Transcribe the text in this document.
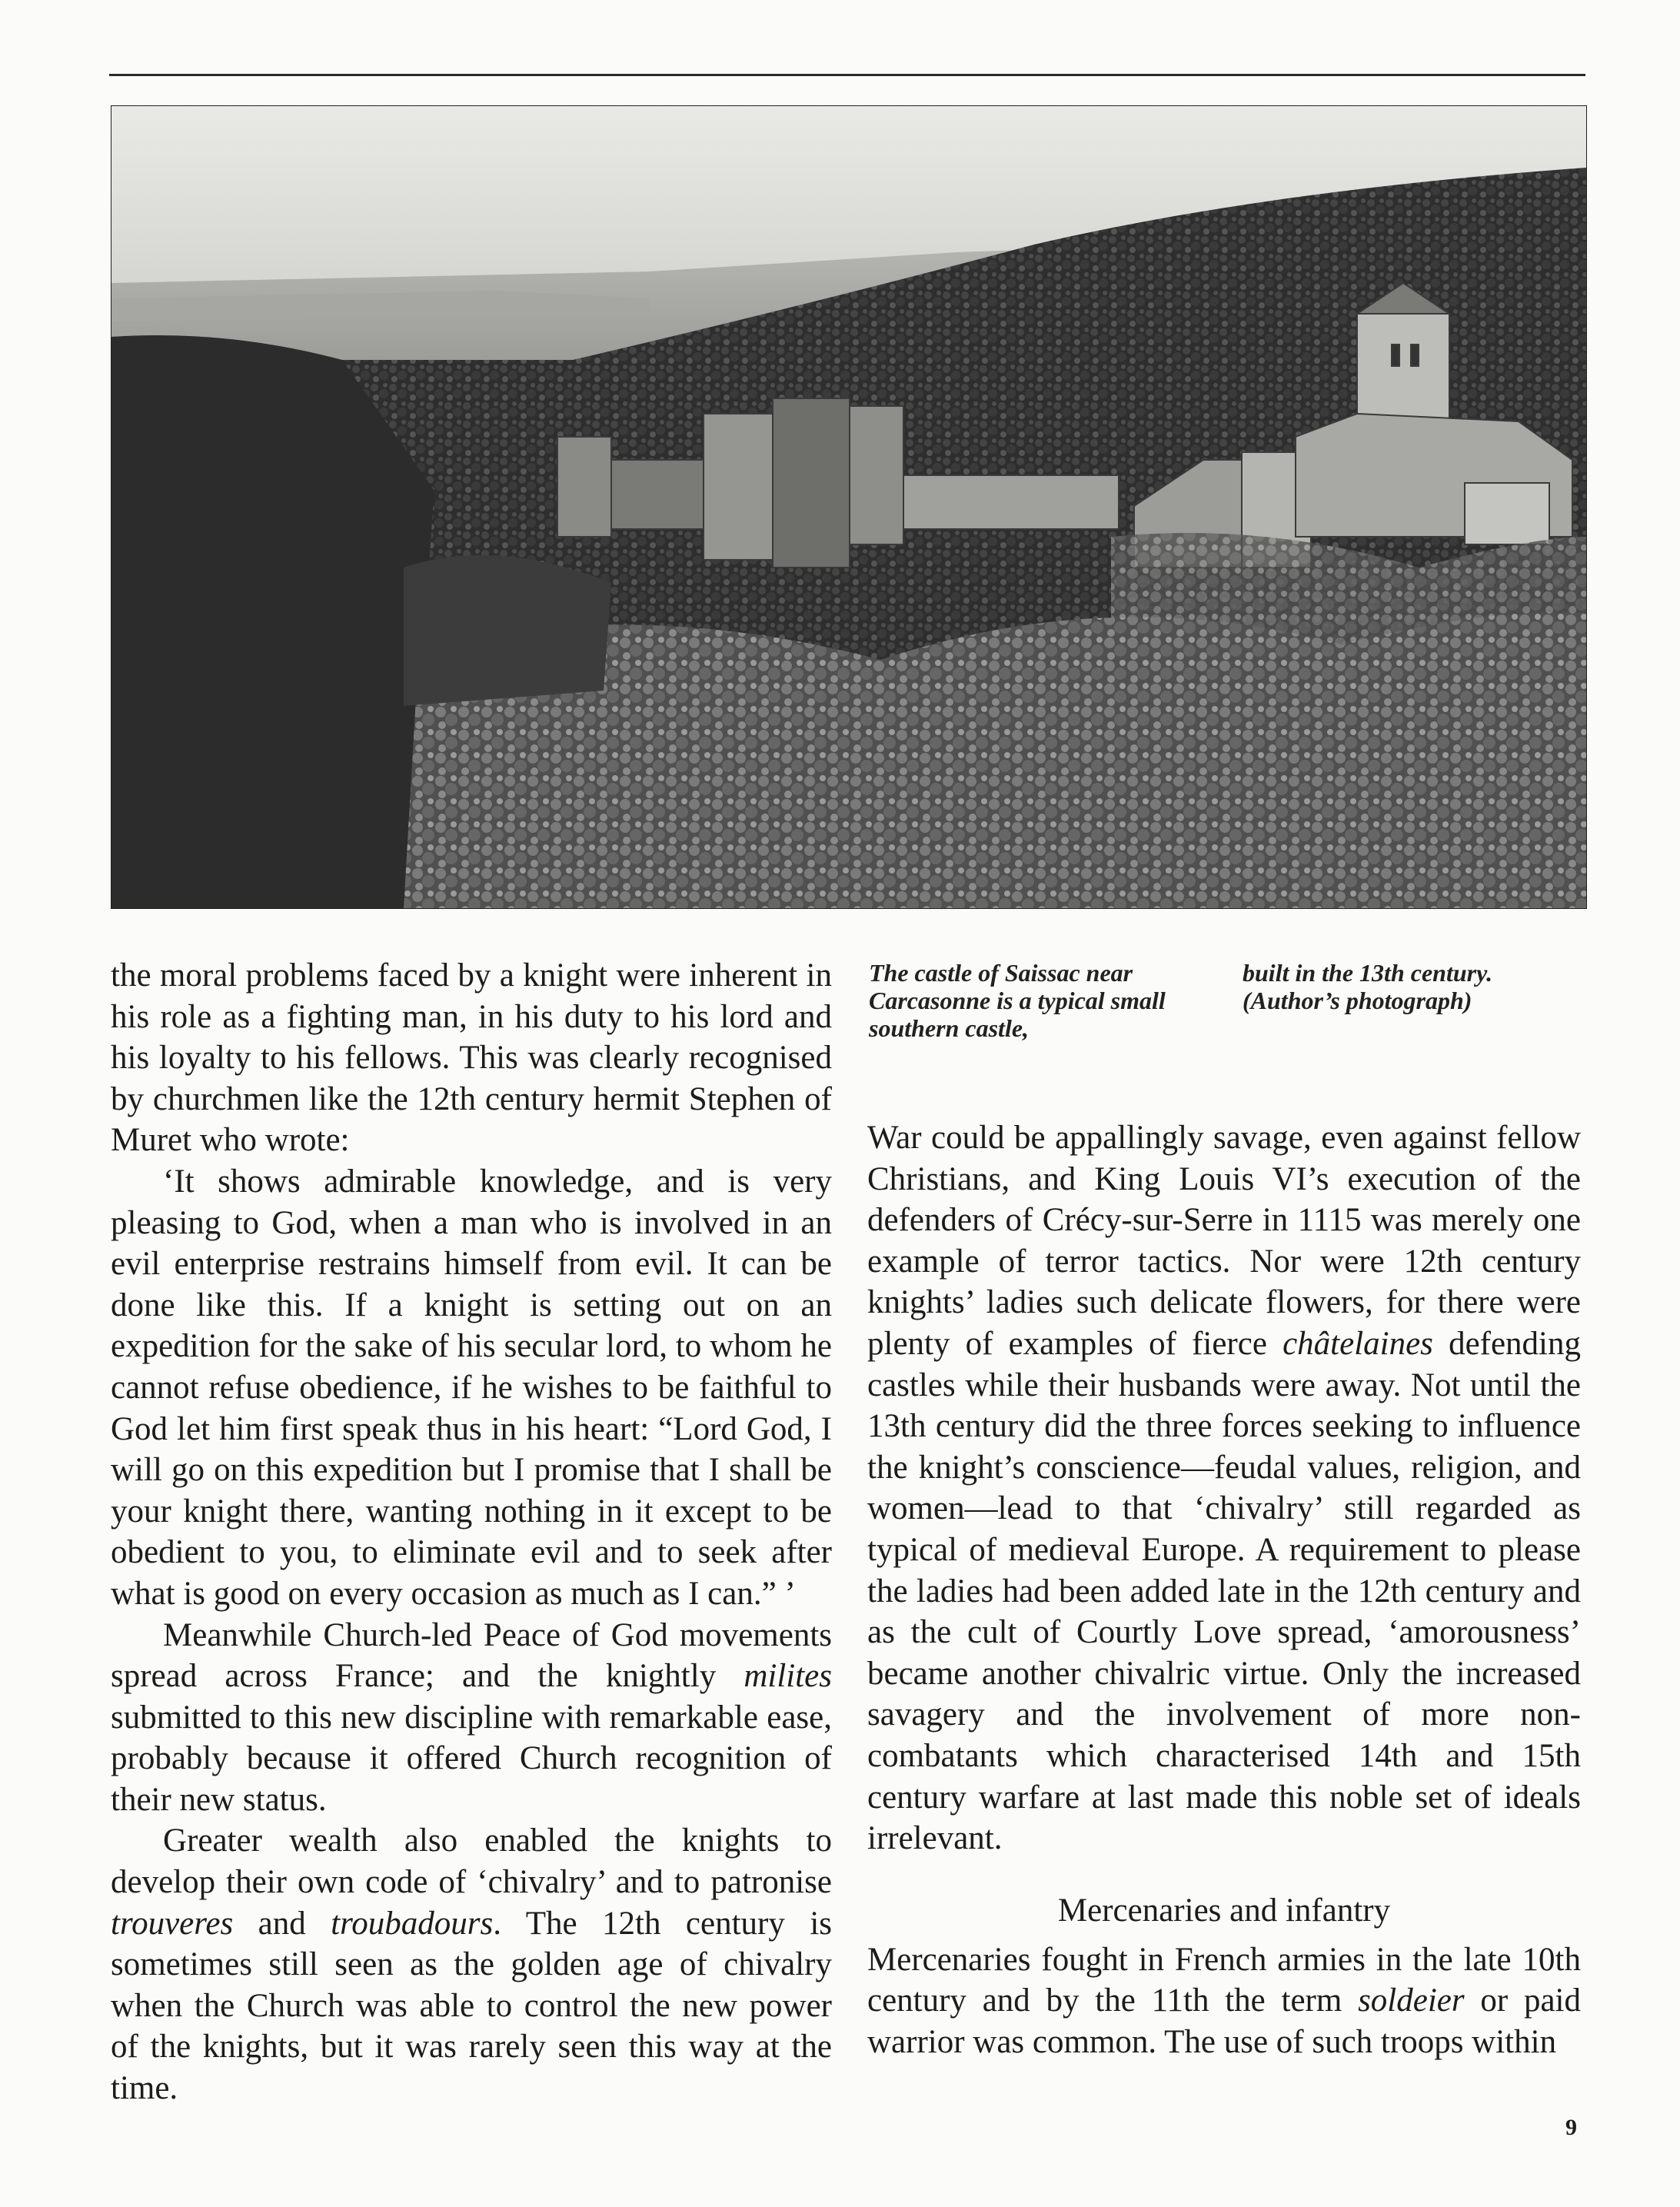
the moral problems faced by a knight were inherent in his role as a fighting man, in his duty to his lord and his loyalty to his fellows. This was clearly recognised by churchmen like the 12th century hermit Stephen of Muret who wrote:

‘It shows admirable knowledge, and is very pleasing to God, when a man who is involved in an evil enterprise restrains himself from evil. It can be done like this. If a knight is setting out on an expedition for the sake of his secular lord, to whom he cannot refuse obedience, if he wishes to be faithful to God let him first speak thus in his heart: “Lord God, I will go on this expedition but I promise that I shall be your knight there, wanting nothing in it except to be obedient to you, to eliminate evil and to seek after what is good on every occasion as much as I can.” ’

Meanwhile Church-led Peace of God movements spread across France; and the knightly milites submitted to this new discipline with remarkable ease, probably because it offered Church recognition of their new status.

Greater wealth also enabled the knights to develop their own code of ‘chivalry’ and to patronise trouveres and troubadours. The 12th century is sometimes still seen as the golden age of chivalry when the Church was able to control the new power of the knights, but it was rarely seen this way at the time.

The castle of Saissac near Carcasonne is a typical small southern castle,
built in the 13th century. (Author’s photograph)

War could be appallingly savage, even against fellow Christians, and King Louis VI’s execution of the defenders of Crécy-sur-Serre in 1115 was merely one example of terror tactics. Nor were 12th century knights’ ladies such delicate flowers, for there were plenty of examples of fierce châtelaines defending castles while their husbands were away. Not until the 13th century did the three forces seeking to influence the knight’s conscience—feudal values, religion, and women—lead to that ‘chivalry’ still regarded as typical of medieval Europe. A requirement to please the ladies had been added late in the 12th century and as the cult of Courtly Love spread, ‘amorousness’ became another chivalric virtue. Only the increased savagery and the involvement of more non-combatants which characterised 14th and 15th century warfare at last made this noble set of ideals irrelevant.

Mercenaries and infantry

Mercenaries fought in French armies in the late 10th century and by the 11th the term soldeier or paid warrior was common. The use of such troops within

9
